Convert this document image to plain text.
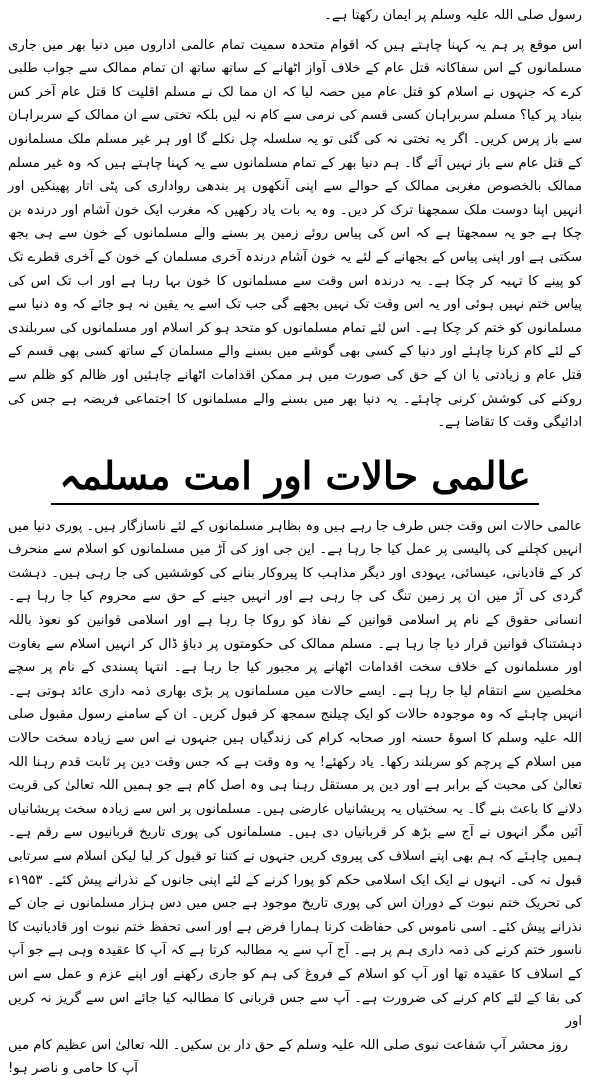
رسول صلی اللہ علیہ وسلم پر ایمان رکھتا ہے۔

اس موقع پر ہم یہ کہنا چاہتے ہیں کہ اقوام متحدہ سمیت تمام عالمی اداروں میں دنیا بھر میں جاری مسلمانوں کے اس سفاکانہ قتل عام کے خلاف آواز اٹھانے کے ساتھ ساتھ ان تمام ممالک سے جواب طلبی کرے کہ جنہوں نے اسلام کو قتل عام میں حصہ لیا کہ ان مما لک نے مسلم اقلیت کا قتل عام آخر کس بنیاد پر کیا؟ مسلم سربراہان کسی قسم کی نرمی سے کام نہ لیں بلکہ تختی سے ان ممالک کے سربراہان سے باز پرس کریں۔ اگر یہ تختی نہ کی گئی تو یہ سلسلہ چل نکلے گا اور ہر غیر مسلم ملک مسلمانوں کے قتل عام سے باز نہیں آئے گا۔ ہم دنیا بھر کے تمام مسلمانوں سے یہ کہنا چاہتے ہیں کہ وہ غیر مسلم ممالک بالخصوص مغربی ممالک کے حوالے سے اپنی آنکھوں پر بندھی رواداری کی پٹی اتار پھینکیں اور انہیں اپنا دوست ملک سمجھنا ترک کر دیں۔ وہ یہ بات یاد رکھیں کہ مغرب ایک خون آشام اور درندہ بن چکا ہے جو یہ سمجھتا ہے کہ اس کی پیاس روئے زمین پر بسنے والے مسلمانوں کے خون سے ہی بجھ سکتی ہے اور اپنی پیاس کے بجھانے کے لئے یہ خون آشام درندہ آخری مسلمان کے خون کے آخری قطرے تک کو پینے کا تہیہ کر چکا ہے۔ یہ درندہ اس وقت سے مسلمانوں کا خون بہا رہا ہے اور اب تک اس کی پیاس ختم نہیں ہوئی اور یہ اس وقت تک نہیں بجھے گی جب تک اسے یہ یقین نہ ہو جائے کہ وہ دنیا سے مسلمانوں کو ختم کر چکا ہے۔ اس لئے تمام مسلمانوں کو متحد ہو کر اسلام اور مسلمانوں کی سربلندی کے لئے کام کرنا چاہئے اور دنیا کے کسی بھی گوشے میں بسنے والے مسلمان کے ساتھ کسی بھی قسم کے قتل عام و زیادتی یا ان کے حق کی صورت میں ہر ممکن اقدامات اٹھانے چاہئیں اور ظالم کو ظلم سے روکنے کی کوشش کرنی چاہئے۔ یہ دنیا بھر میں بسنے والے مسلمانوں کا اجتماعی فریضہ ہے جس کی ادائیگی وقت کا تقاضا ہے۔

عالمی حالات اور امت مسلمہ

عالمی حالات اس وقت جس طرف جا رہے ہیں وہ بظاہر مسلمانوں کے لئے ناسازگار ہیں۔ پوری دنیا میں انہیں کچلنے کی پالیسی پر عمل کیا جا رہا ہے۔ این جی اوز کی آڑ میں مسلمانوں کو اسلام سے منحرف کر کے قادیانی، عیسائی، یہودی اور دیگر مذاہب کا پیروکار بنانے کی کوششیں کی جا رہی ہیں۔ دہشت گردی کی آڑ میں ان پر زمین تنگ کی جا رہی ہے اور انہیں جینے کے حق سے محروم کیا جا رہا ہے۔ انسانی حقوق کے نام پر اسلامی قوانین کے نفاذ کو روکا جا رہا ہے اور اسلامی قوانین کو نعوذ باللہ دہشتناک قوانین قرار دیا جا رہا ہے۔ مسلم ممالک کی حکومتوں پر دباؤ ڈال کر انہیں اسلام سے بغاوت اور مسلمانوں کے خلاف سخت اقدامات اٹھانے پر مجبور کیا جا رہا ہے۔ انتہا پسندی کے نام پر سچے مخلصین سے انتقام لیا جا رہا ہے۔ ایسے حالات میں مسلمانوں پر بڑی بھاری ذمہ داری عائد ہوتی ہے۔ انہیں چاہئے کہ وہ موجودہ حالات کو ایک چیلنج سمجھ کر قبول کریں۔ ان کے سامنے رسول مقبول صلی اللہ علیہ وسلم کا اسوۂ حسنہ اور صحابہ کرام کی زندگیاں ہیں جنہوں نے اس سے زیادہ سخت حالات میں اسلام کے پرچم کو سربلند رکھا۔ یاد رکھئے! یہ وہ وقت ہے کہ جس وقت دین پر ثابت قدم رہنا اللہ تعالیٰ کی محبت کے برابر ہے اور دین پر مستقل رہنا ہی وہ اصل کام ہے جو ہمیں اللہ تعالیٰ کی قربت دلانے کا باعث بنے گا۔ یہ سختیاں یہ پریشانیاں عارضی ہیں۔ مسلمانوں پر اس سے زیادہ سخت پریشانیاں آئیں مگر انہوں نے آج سے بڑھ کر قربانیاں دی ہیں۔ مسلمانوں کی پوری تاریخ قربانیوں سے رقم ہے۔ ہمیں چاہئے کہ ہم بھی اپنے اسلاف کی پیروی کریں جنہوں نے کتنا تو قبول کر لیا لیکن اسلام سے سرتابی قبول نہ کی۔ انہوں نے ایک ایک اسلامی حکم کو پورا کرنے کے لئے اپنی جانوں کے نذرانے پیش کئے۔ ۱۹۵۳ء کی تحریک ختم نبوت کے دوران اس کی پوری تاریخ موجود ہے جس میں دس ہزار مسلمانوں نے جان کے نذرانے پیش کئے۔ اسی ناموس کی حفاظت کرنا ہمارا فرض ہے اور اسی تحفظ ختم نبوت اور قادیانیت کا ناسور ختم کرنے کی ذمہ داری ہم پر ہے۔ آج آپ سے یہ مطالبہ کرتا ہے کہ آپ کا عقیدہ وہی ہے جو آپ کے اسلاف کا عقیدہ تھا اور آپ کو اسلام کے فروغ کی ہم کو جاری رکھنے اور اپنے عزم و عمل سے اس کی بقا کے لئے کام کرنے کی ضرورت ہے۔ آپ سے جس قربانی کا مطالبہ کیا جائے اس سے گریز نہ کریں اور

روز محشر آپ شفاعت نبوی صلی اللہ علیہ وسلم کے حق دار بن سکیں۔ اللہ تعالیٰ اس عظیم کام میں آپ کا حامی و ناصر ہو!
